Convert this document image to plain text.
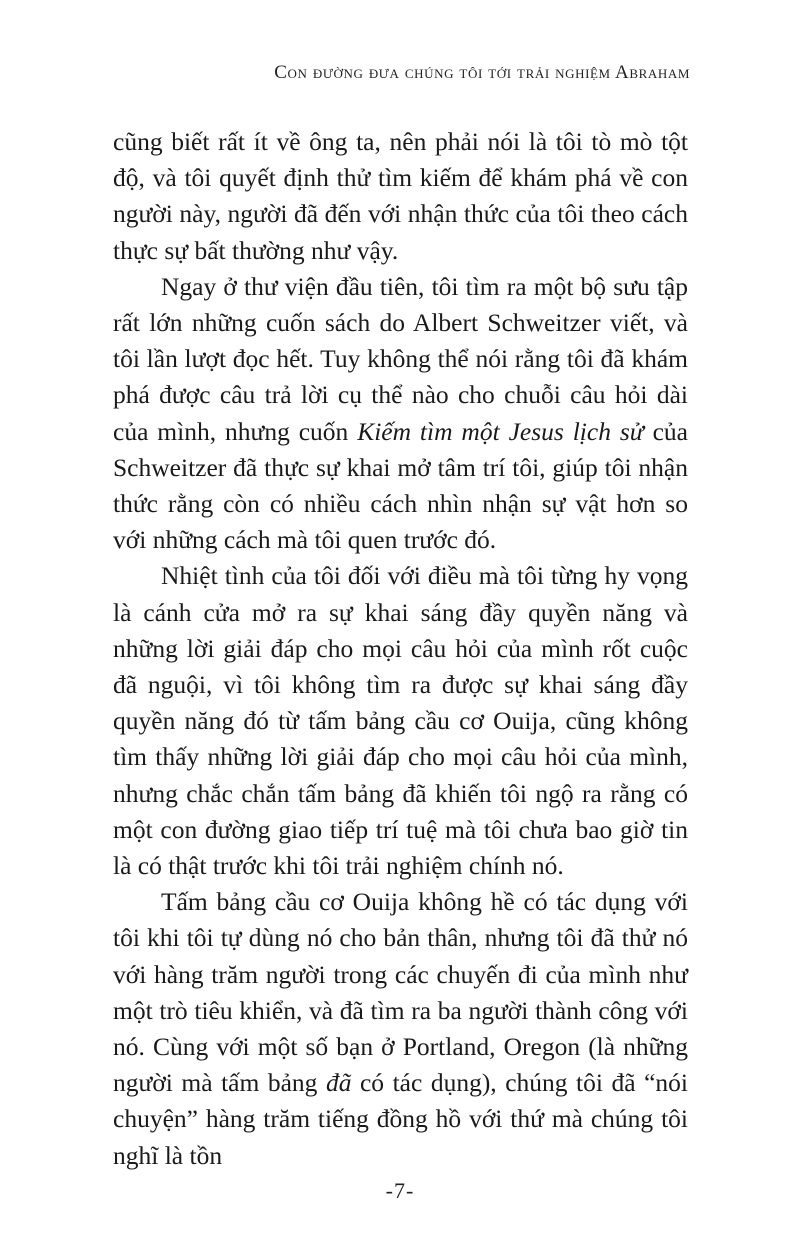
Con đường đưa chúng tôi tới trải nghiệm Abraham

cũng biết rất ít về ông ta, nên phải nói là tôi tò mò tột độ, và tôi quyết định thử tìm kiếm để khám phá về con người này, người đã đến với nhận thức của tôi theo cách thực sự bất thường như vậy.

Ngay ở thư viện đầu tiên, tôi tìm ra một bộ sưu tập rất lớn những cuốn sách do Albert Schweitzer viết, và tôi lần lượt đọc hết. Tuy không thể nói rằng tôi đã khám phá được câu trả lời cụ thể nào cho chuỗi câu hỏi dài của mình, nhưng cuốn Kiếm tìm một Jesus lịch sử của Schweitzer đã thực sự khai mở tâm trí tôi, giúp tôi nhận thức rằng còn có nhiều cách nhìn nhận sự vật hơn so với những cách mà tôi quen trước đó.

Nhiệt tình của tôi đối với điều mà tôi từng hy vọng là cánh cửa mở ra sự khai sáng đầy quyền năng và những lời giải đáp cho mọi câu hỏi của mình rốt cuộc đã nguội, vì tôi không tìm ra được sự khai sáng đầy quyền năng đó từ tấm bảng cầu cơ Ouija, cũng không tìm thấy những lời giải đáp cho mọi câu hỏi của mình, nhưng chắc chắn tấm bảng đã khiến tôi ngộ ra rằng có một con đường giao tiếp trí tuệ mà tôi chưa bao giờ tin là có thật trước khi tôi trải nghiệm chính nó.

Tấm bảng cầu cơ Ouija không hề có tác dụng với tôi khi tôi tự dùng nó cho bản thân, nhưng tôi đã thử nó với hàng trăm người trong các chuyến đi của mình như một trò tiêu khiển, và đã tìm ra ba người thành công với nó. Cùng với một số bạn ở Portland, Oregon (là những người mà tấm bảng đã có tác dụng), chúng tôi đã “nói chuyện” hàng trăm tiếng đồng hồ với thứ mà chúng tôi nghĩ là tồn

-7-
